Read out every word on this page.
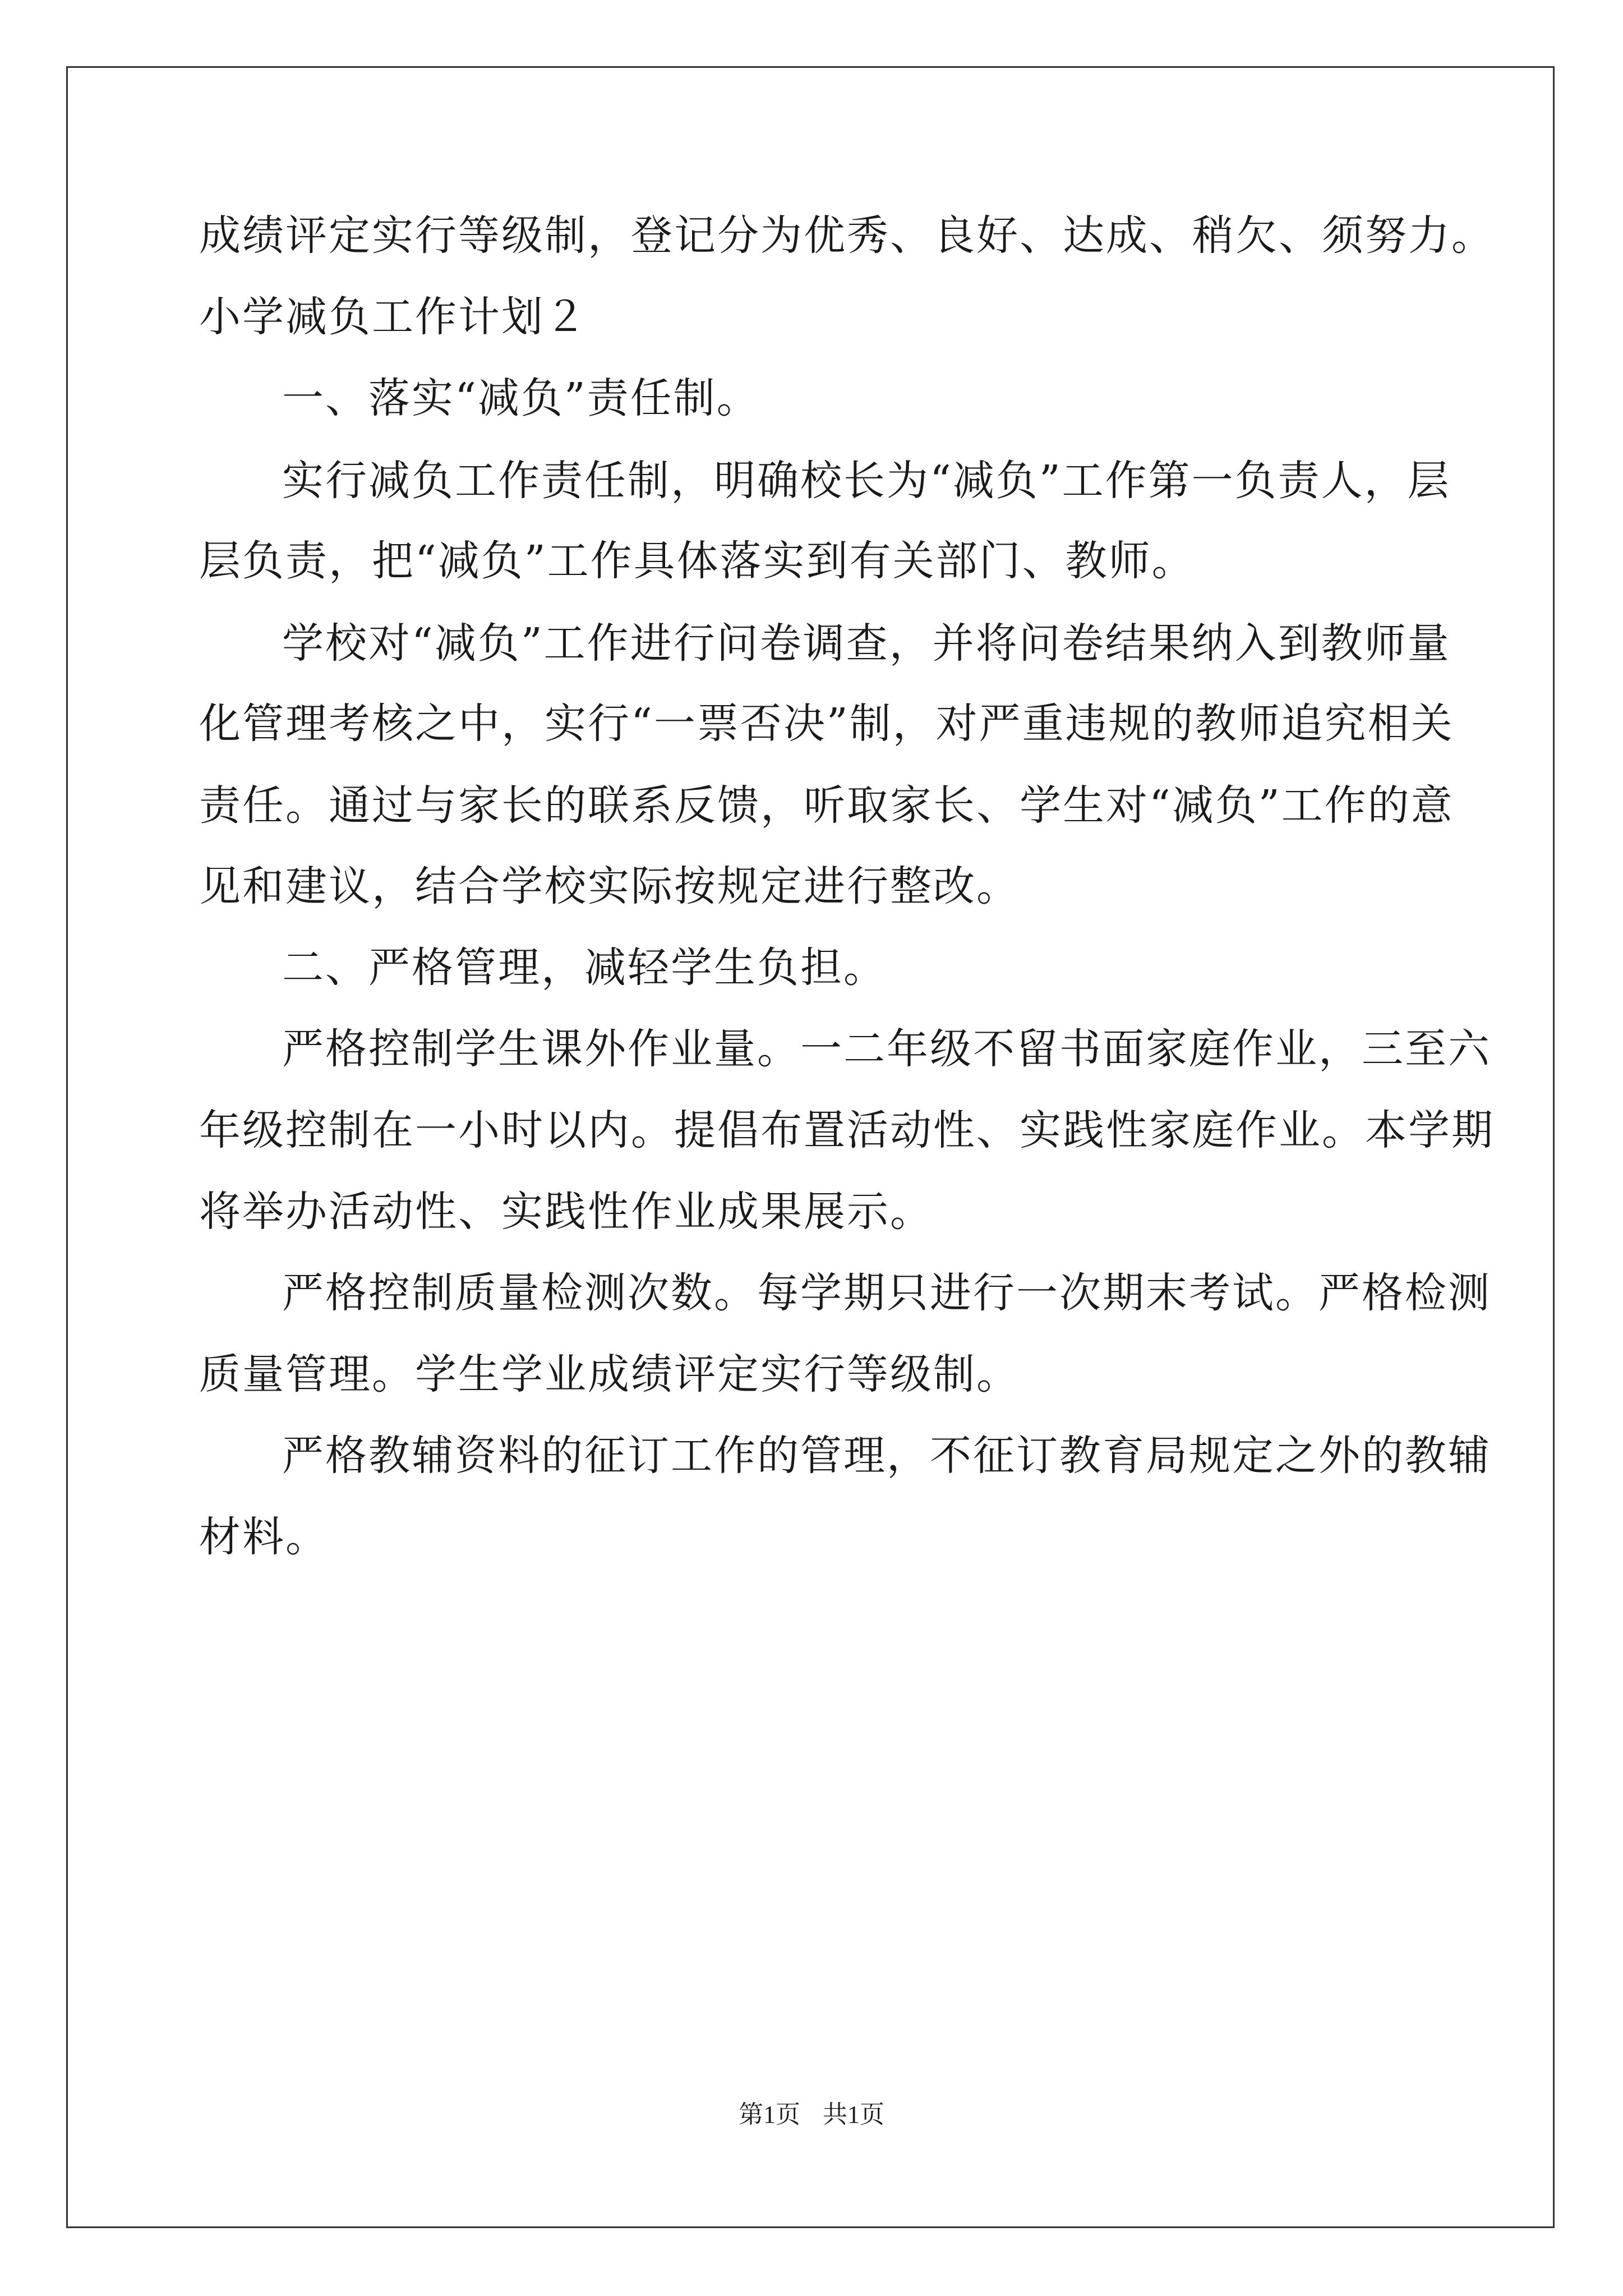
成绩评定实行等级制，登记分为优秀、良好、达成、稍欠、须努力。
小学减负工作计划２
一、落实“减负”责任制。
实行减负工作责任制，明确校长为“减负”工作第一负责人，层
层负责，把“减负”工作具体落实到有关部门、教师。
学校对“减负”工作进行问卷调查，并将问卷结果纳入到教师量
化管理考核之中，实行“一票否决”制，对严重违规的教师追究相关
责任。通过与家长的联系反馈，听取家长、学生对“减负”工作的意
见和建议，结合学校实际按规定进行整改。
二、严格管理，减轻学生负担。
严格控制学生课外作业量。一二年级不留书面家庭作业，三至六
年级控制在一小时以内。提倡布置活动性、实践性家庭作业。本学期
将举办活动性、实践性作业成果展示。
严格控制质量检测次数。每学期只进行一次期末考试。严格检测
质量管理。学生学业成绩评定实行等级制。
严格教辅资料的征订工作的管理，不征订教育局规定之外的教辅
材料。
第1页 共1页
